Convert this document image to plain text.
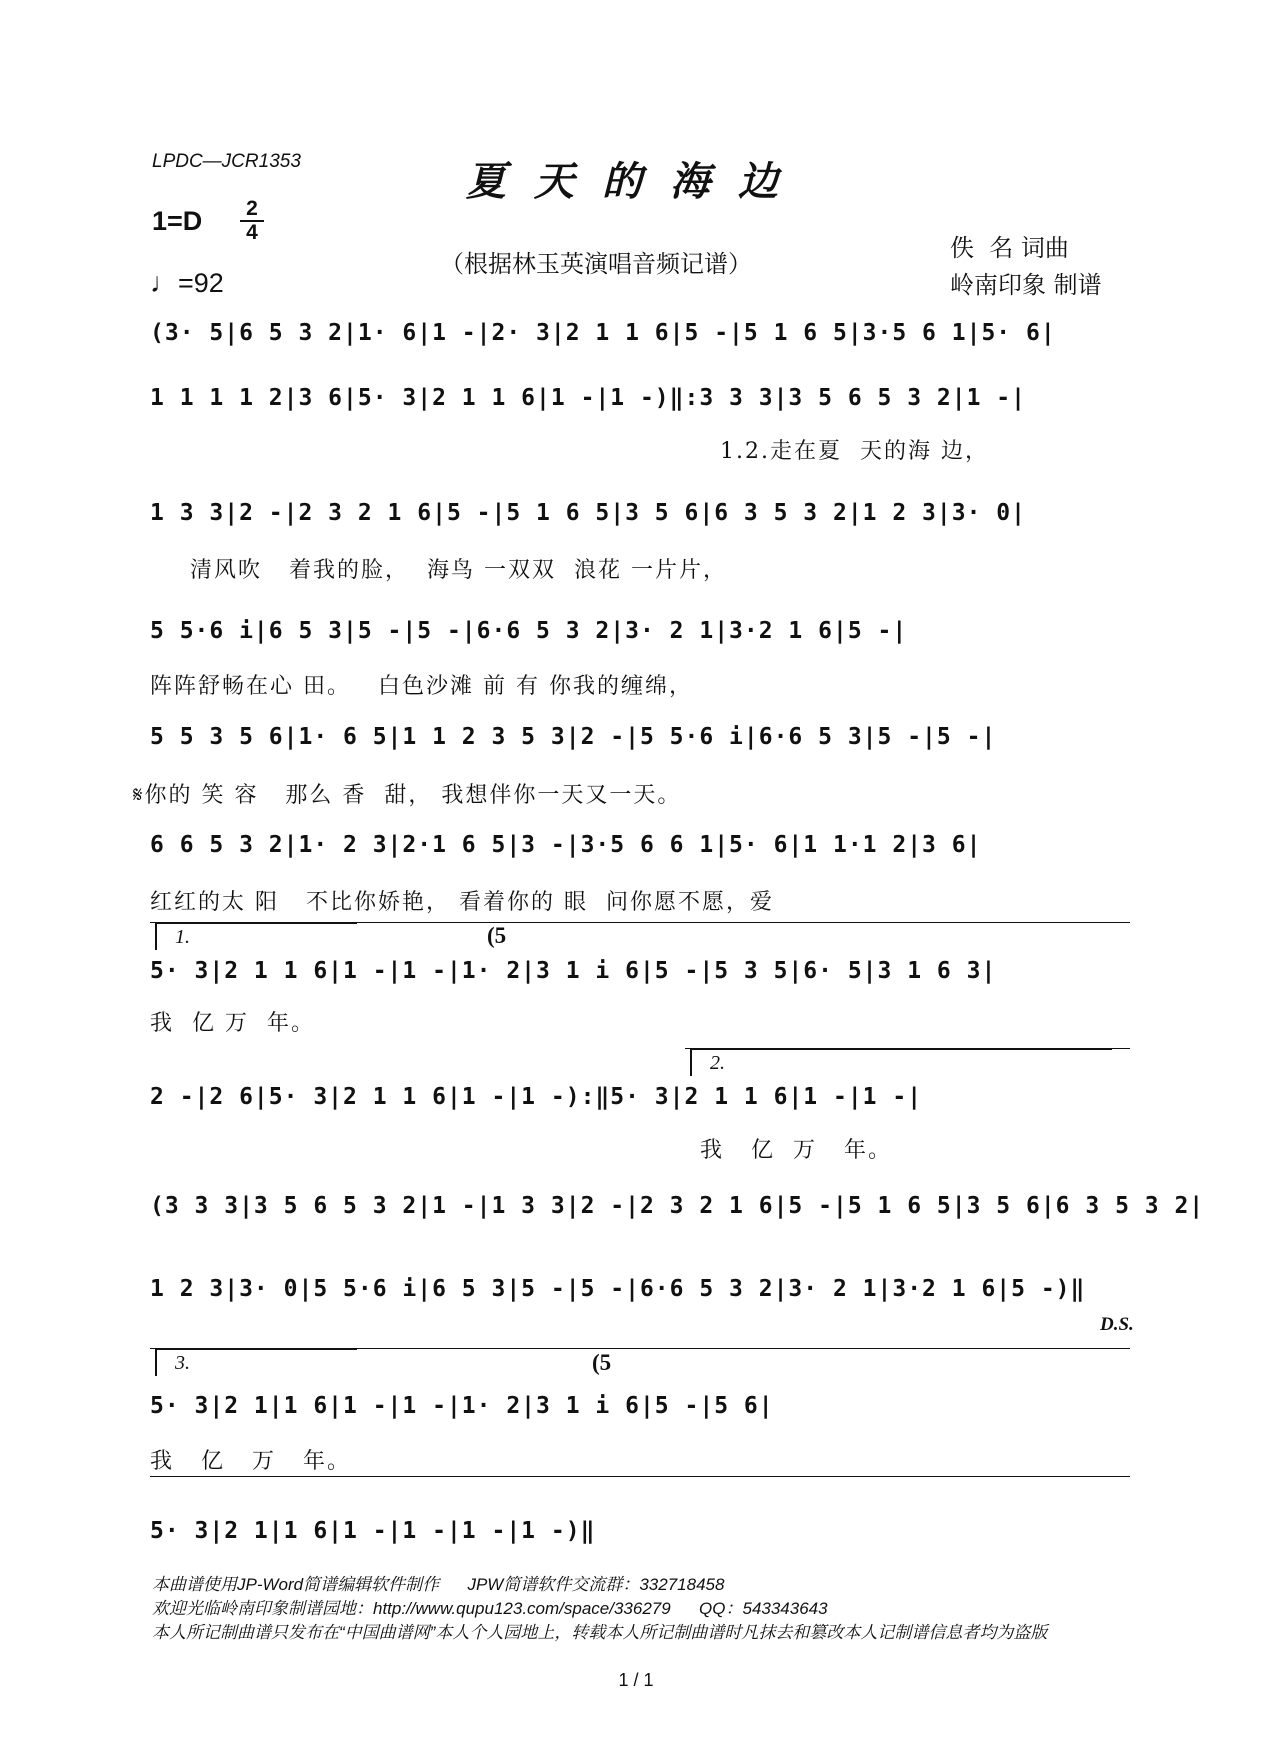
LPDC—JCR1353	夏天的海边
1=D 2
4
♩=92
（根据林玉英演唱音频记谱）
佚  名 词曲
岭南印象 制谱
(3· 5|6 5 3 2|1· 6|1 -|2· 3|2 1 1 6|5 -|5 1 6 5|3·5 6 1|5· 6|
1 1 1 1 2|3 6|5· 3|2 1 1 6|1 -|1 -)‖:3 3 3|3 5 6 5 3 2|1 -|
1.2.走在夏  天的海 边，
1 3 3|2 -|2 3 2 1 6|5 -|5 1 6 5|3 5 6|6 3 5 3 2|1 2 3|3· 0|
清风吹   着我的脸，  海鸟 一双双  浪花 一片片，
5 5·6 i|6 5 3|5 -|5 -|6·6 5 3 2|3· 2 1|3·2 1 6|5 -|
阵阵舒畅在心 田。   白色沙滩 前 有 你我的缠绵，
5 5 3 5 6|1· 6 5|1 1 2 3 5 3|2 -|5 5·6 i|6·6 5 3|5 -|5 -|
𝄋你的 笑 容   那么 香  甜， 我想伴你一天又一天。
6 6 5 3 2|1· 2 3|2·1 6 5|3 -|3·5 6 6 1|5· 6|1 1·1 2|3 6|
红红的太 阳   不比你娇艳， 看着你的 眼  问你愿不愿，爱
1.	(5
5· 3|2 1 1 6|1 -|1 -|1· 2|3 1 i 6|5 -|5 3 5|6· 5|3 1 6 3|
我  亿 万  年。
2.
2 -|2 6|5· 3|2 1 1 6|1 -|1 -):‖5· 3|2 1 1 6|1 -|1 -|
我   亿  万   年。
(3 3 3|3 5 6 5 3 2|1 -|1 3 3|2 -|2 3 2 1 6|5 -|5 1 6 5|3 5 6|6 3 5 3 2|
1 2 3|3· 0|5 5·6 i|6 5 3|5 -|5 -|6·6 5 3 2|3· 2 1|3·2 1 6|5 -)‖
D.S.
3.	(5
5· 3|2 1|1 6|1 -|1 -|1· 2|3 1 i 6|5 -|5 6|
我   亿   万   年。
5· 3|2 1|1 6|1 -|1 -|1 -|1 -)‖
本曲谱使用JP-Word简谱编辑软件制作      JPW简谱软件交流群：332718458
欢迎光临岭南印象制谱园地：http://www.qupu123.com/space/336279      QQ：543343643
本人所记制曲谱只发布在“中国曲谱网”本人个人园地上，转载本人所记制曲谱时凡抹去和篡改本人记制谱信息者均为盗版
1 / 1
